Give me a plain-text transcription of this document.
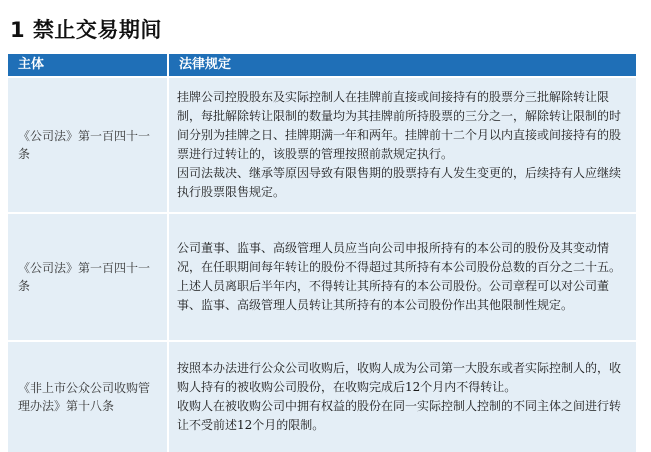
1 禁止交易期间
主体	法律规定
《公司法》第一百四十一条

挂牌公司控股股东及实际控制人在挂牌前直接或间接持有的股票分三批解除转让限制，每批解除转让限制的数量均为其挂牌前所持股票的三分之一，解除转让限制的时间分别为挂牌之日、挂牌期满一年和两年。挂牌前十二个月以内直接或间接持有的股票进行过转让的，该股票的管理按照前款规定执行。

因司法裁决、继承等原因导致有限售期的股票持有人发生变更的，后续持有人应继续执行股票限售规定。

《公司法》第一百四十一条

公司董事、监事、高级管理人员应当向公司申报所持有的本公司的股份及其变动情况，在任职期间每年转让的股份不得超过其所持有本公司股份总数的百分之二十五。上述人员离职后半年内，不得转让其所持有的本公司股份。公司章程可以对公司董事、监事、高级管理人员转让其所持有的本公司股份作出其他限制性规定。

《非上市公众公司收购管理办法》第十八条

按照本办法进行公众公司收购后，收购人成为公司第一大股东或者实际控制人的，收购人持有的被收购公司股份，在收购完成后12个月内不得转让。

收购人在被收购公司中拥有权益的股份在同一实际控制人控制的不同主体之间进行转让不受前述12个月的限制。
